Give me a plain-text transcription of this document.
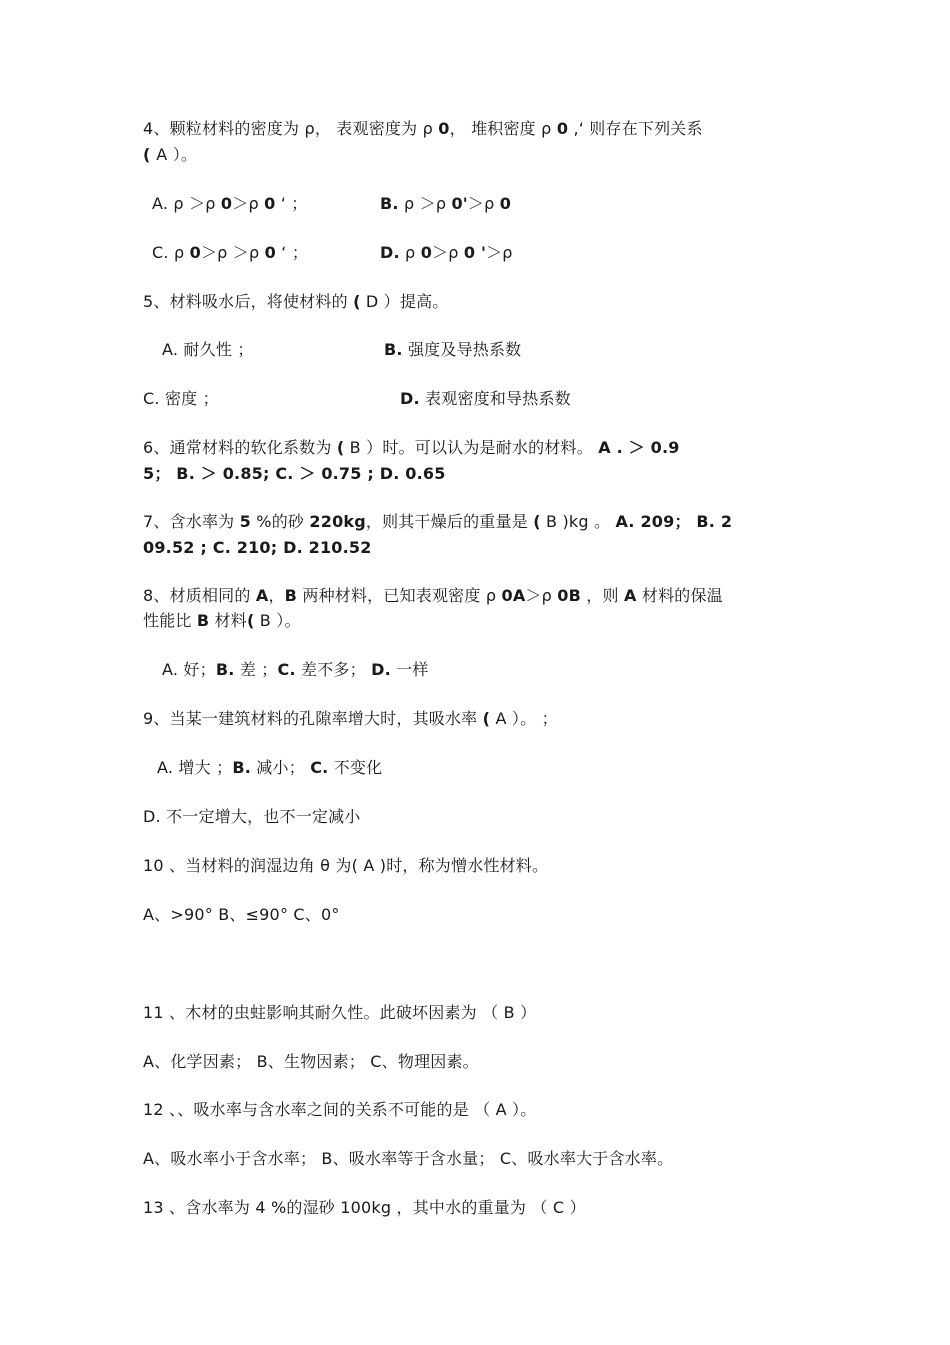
4、颗粒材料的密度为 ρ， 表观密度为 ρ 0， 堆积密度 ρ 0 ,‘ 则存在下列关系
( A ）。
A. ρ ＞ρ 0＞ρ 0 ‘ ；	B. ρ ＞ρ 0'＞ρ 0
C. ρ 0＞ρ ＞ρ 0 ‘ ；	D. ρ 0＞ρ 0 '＞ρ
5、材料吸水后，将使材料的 ( D ）提高。
A. 耐久性 ；	B. 强度及导热系数
C. 密度 ；	D. 表观密度和导热系数
6、通常材料的软化系数为 ( B ）时。可以认为是耐水的材料。 A . ＞ 0.9
5； B. ＞ 0.85; C. ＞ 0.75 ; D. 0.65
7、含水率为 5 %的砂 220kg，则其干燥后的重量是 ( B )kg 。 A. 209； B. 2
09.52 ; C. 210; D. 210.52
8、材质相同的 A，B 两种材料，已知表观密度 ρ 0A＞ρ 0B ，则 A 材料的保温
性能比 B 材料( B ）。
A. 好；B. 差 ；C. 差不多； D. 一样
9、当某一建筑材料的孔隙率增大时，其吸水率 ( A ）。 ；
A. 增大 ；B. 减小； C. 不变化
D. 不一定增大，也不一定减小
10 、当材料的润湿边角 θ 为( A )时，称为憎水性材料。
A、>90° B、≤90° C、0°
11 、木材的虫蛀影响其耐久性。此破坏因素为 （ B ）
A、化学因素； B、生物因素； C、物理因素。
12 、、吸水率与含水率之间的关系不可能的是 （ A ）。
A、吸水率小于含水率； B、吸水率等于含水量； C、吸水率大于含水率。
13 、含水率为 4 %的湿砂 100kg ，其中水的重量为 （ C ）
